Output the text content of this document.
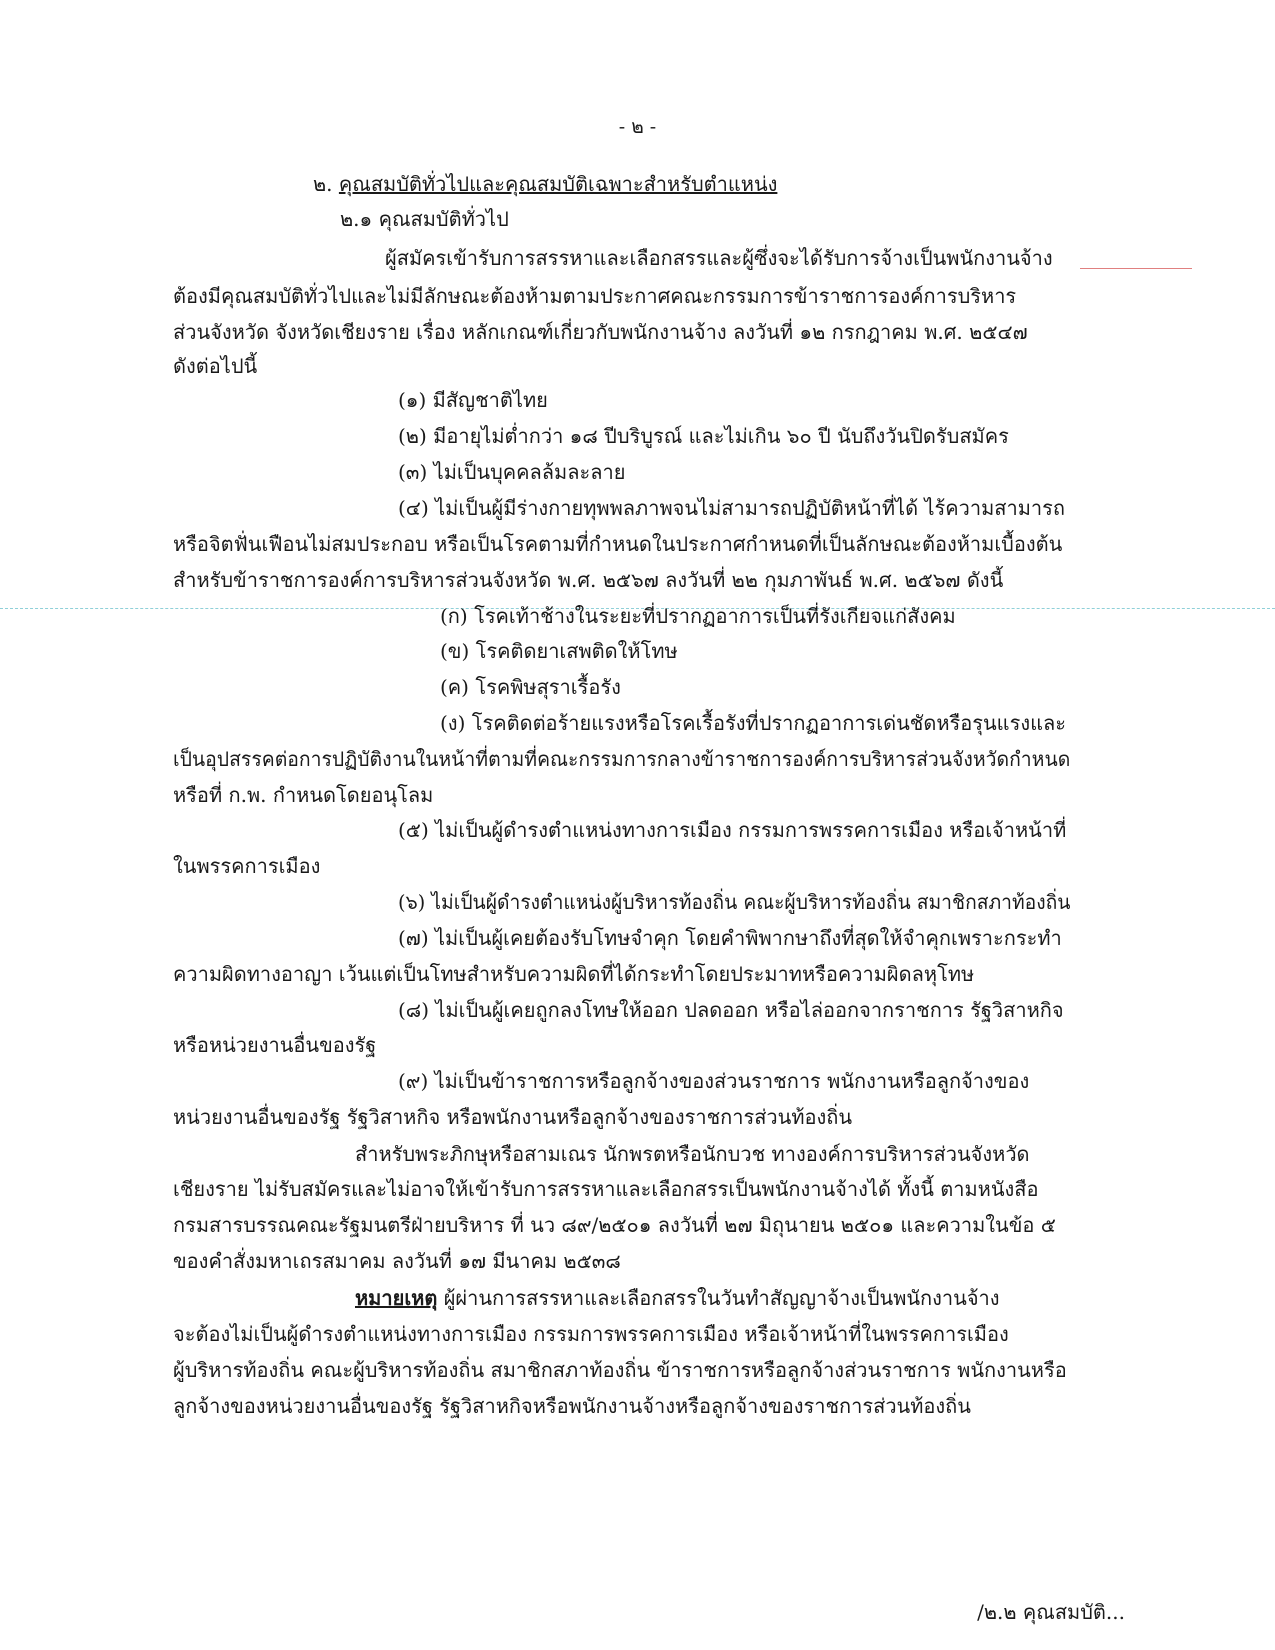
- ๒ -
๒. คุณสมบัติทั่วไปและคุณสมบัติเฉพาะสำหรับตำแหน่ง
๒.๑ คุณสมบัติทั่วไป
ผู้สมัครเข้ารับการสรรหาและเลือกสรรและผู้ซึ่งจะได้รับการจ้างเป็นพนักงานจ้าง
ต้องมีคุณสมบัติทั่วไปและไม่มีลักษณะต้องห้ามตามประกาศคณะกรรมการข้าราชการองค์การบริหาร
ส่วนจังหวัด จังหวัดเชียงราย เรื่อง หลักเกณฑ์เกี่ยวกับพนักงานจ้าง ลงวันที่ ๑๒ กรกฎาคม พ.ศ. ๒๕๔๗
ดังต่อไปนี้
(๑) มีสัญชาติไทย
(๒) มีอายุไม่ต่ำกว่า ๑๘ ปีบริบูรณ์ และไม่เกิน ๖๐ ปี นับถึงวันปิดรับสมัคร
(๓) ไม่เป็นบุคคลล้มละลาย
(๔) ไม่เป็นผู้มีร่างกายทุพพลภาพจนไม่สามารถปฏิบัติหน้าที่ได้ ไร้ความสามารถ
หรือจิตฟั่นเฟือนไม่สมประกอบ หรือเป็นโรคตามที่กำหนดในประกาศกำหนดที่เป็นลักษณะต้องห้ามเบื้องต้น
สำหรับข้าราชการองค์การบริหารส่วนจังหวัด พ.ศ. ๒๕๖๗ ลงวันที่ ๒๒ กุมภาพันธ์ พ.ศ. ๒๕๖๗ ดังนี้
(ก) โรคเท้าช้างในระยะที่ปรากฏอาการเป็นที่รังเกียจแก่สังคม
(ข) โรคติดยาเสพติดให้โทษ
(ค) โรคพิษสุราเรื้อรัง
(ง) โรคติดต่อร้ายแรงหรือโรคเรื้อรังที่ปรากฏอาการเด่นชัดหรือรุนแรงและ
เป็นอุปสรรคต่อการปฏิบัติงานในหน้าที่ตามที่คณะกรรมการกลางข้าราชการองค์การบริหารส่วนจังหวัดกำหนด
หรือที่ ก.พ. กำหนดโดยอนุโลม
(๕) ไม่เป็นผู้ดำรงตำแหน่งทางการเมือง กรรมการพรรคการเมือง หรือเจ้าหน้าที่
ในพรรคการเมือง
(๖) ไม่เป็นผู้ดำรงตำแหน่งผู้บริหารท้องถิ่น คณะผู้บริหารท้องถิ่น สมาชิกสภาท้องถิ่น
(๗) ไม่เป็นผู้เคยต้องรับโทษจำคุก โดยคำพิพากษาถึงที่สุดให้จำคุกเพราะกระทำ
ความผิดทางอาญา เว้นแต่เป็นโทษสำหรับความผิดที่ได้กระทำโดยประมาทหรือความผิดลหุโทษ
(๘) ไม่เป็นผู้เคยถูกลงโทษให้ออก ปลดออก หรือไล่ออกจากราชการ รัฐวิสาหกิจ
หรือหน่วยงานอื่นของรัฐ
(๙) ไม่เป็นข้าราชการหรือลูกจ้างของส่วนราชการ พนักงานหรือลูกจ้างของ
หน่วยงานอื่นของรัฐ รัฐวิสาหกิจ หรือพนักงานหรือลูกจ้างของราชการส่วนท้องถิ่น
สำหรับพระภิกษุหรือสามเณร นักพรตหรือนักบวช ทางองค์การบริหารส่วนจังหวัด
เชียงราย ไม่รับสมัครและไม่อาจให้เข้ารับการสรรหาและเลือกสรรเป็นพนักงานจ้างได้ ทั้งนี้ ตามหนังสือ
กรมสารบรรณคณะรัฐมนตรีฝ่ายบริหาร ที่ นว ๘๙/๒๕๐๑ ลงวันที่ ๒๗ มิถุนายน ๒๕๐๑ และความในข้อ ๕
ของคำสั่งมหาเถรสมาคม ลงวันที่ ๑๗ มีนาคม ๒๕๓๘
หมายเหตุ ผู้ผ่านการสรรหาและเลือกสรรในวันทำสัญญาจ้างเป็นพนักงานจ้าง
จะต้องไม่เป็นผู้ดำรงตำแหน่งทางการเมือง กรรมการพรรคการเมือง หรือเจ้าหน้าที่ในพรรคการเมือง
ผู้บริหารท้องถิ่น คณะผู้บริหารท้องถิ่น สมาชิกสภาท้องถิ่น ข้าราชการหรือลูกจ้างส่วนราชการ พนักงานหรือ
ลูกจ้างของหน่วยงานอื่นของรัฐ รัฐวิสาหกิจหรือพนักงานจ้างหรือลูกจ้างของราชการส่วนท้องถิ่น
/๒.๒ คุณสมบัติ...
